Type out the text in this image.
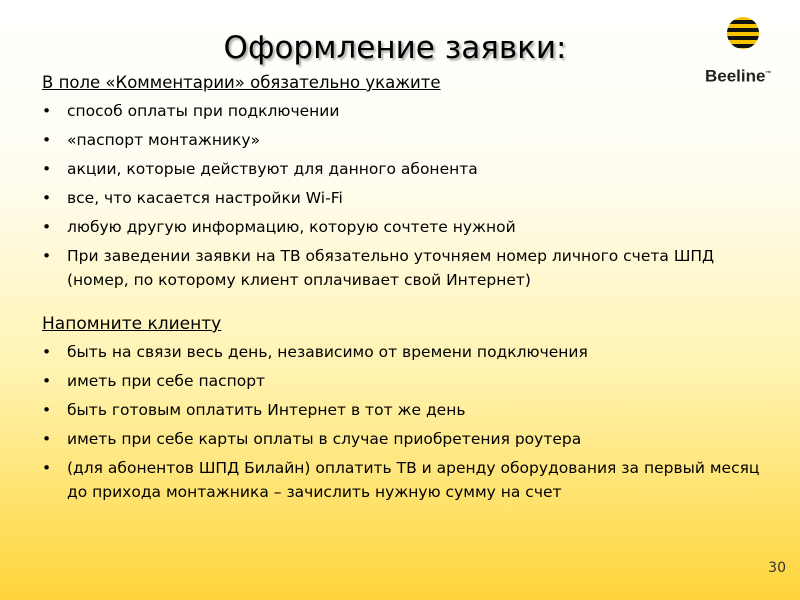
Оформление заявки:
Beeline™
В поле «Комментарии» обязательно укажите
• способ оплаты при подключении
• «паспорт монтажнику»
• акции, которые действуют для данного абонента
• все, что касается настройки Wi-Fi
• любую другую информацию, которую сочтете нужной
• При заведении заявки на ТВ обязательно уточняем номер личного счета ШПД (номер, по которому клиент оплачивает свой Интернет)
Напомните клиенту
• быть на связи весь день, независимо от времени подключения
• иметь при себе паспорт
• быть готовым оплатить Интернет в тот же день
• иметь при себе карты оплаты в случае приобретения роутера
• (для абонентов ШПД Билайн) оплатить ТВ и аренду оборудования за первый месяц до прихода монтажника – зачислить нужную сумму на счет
30
